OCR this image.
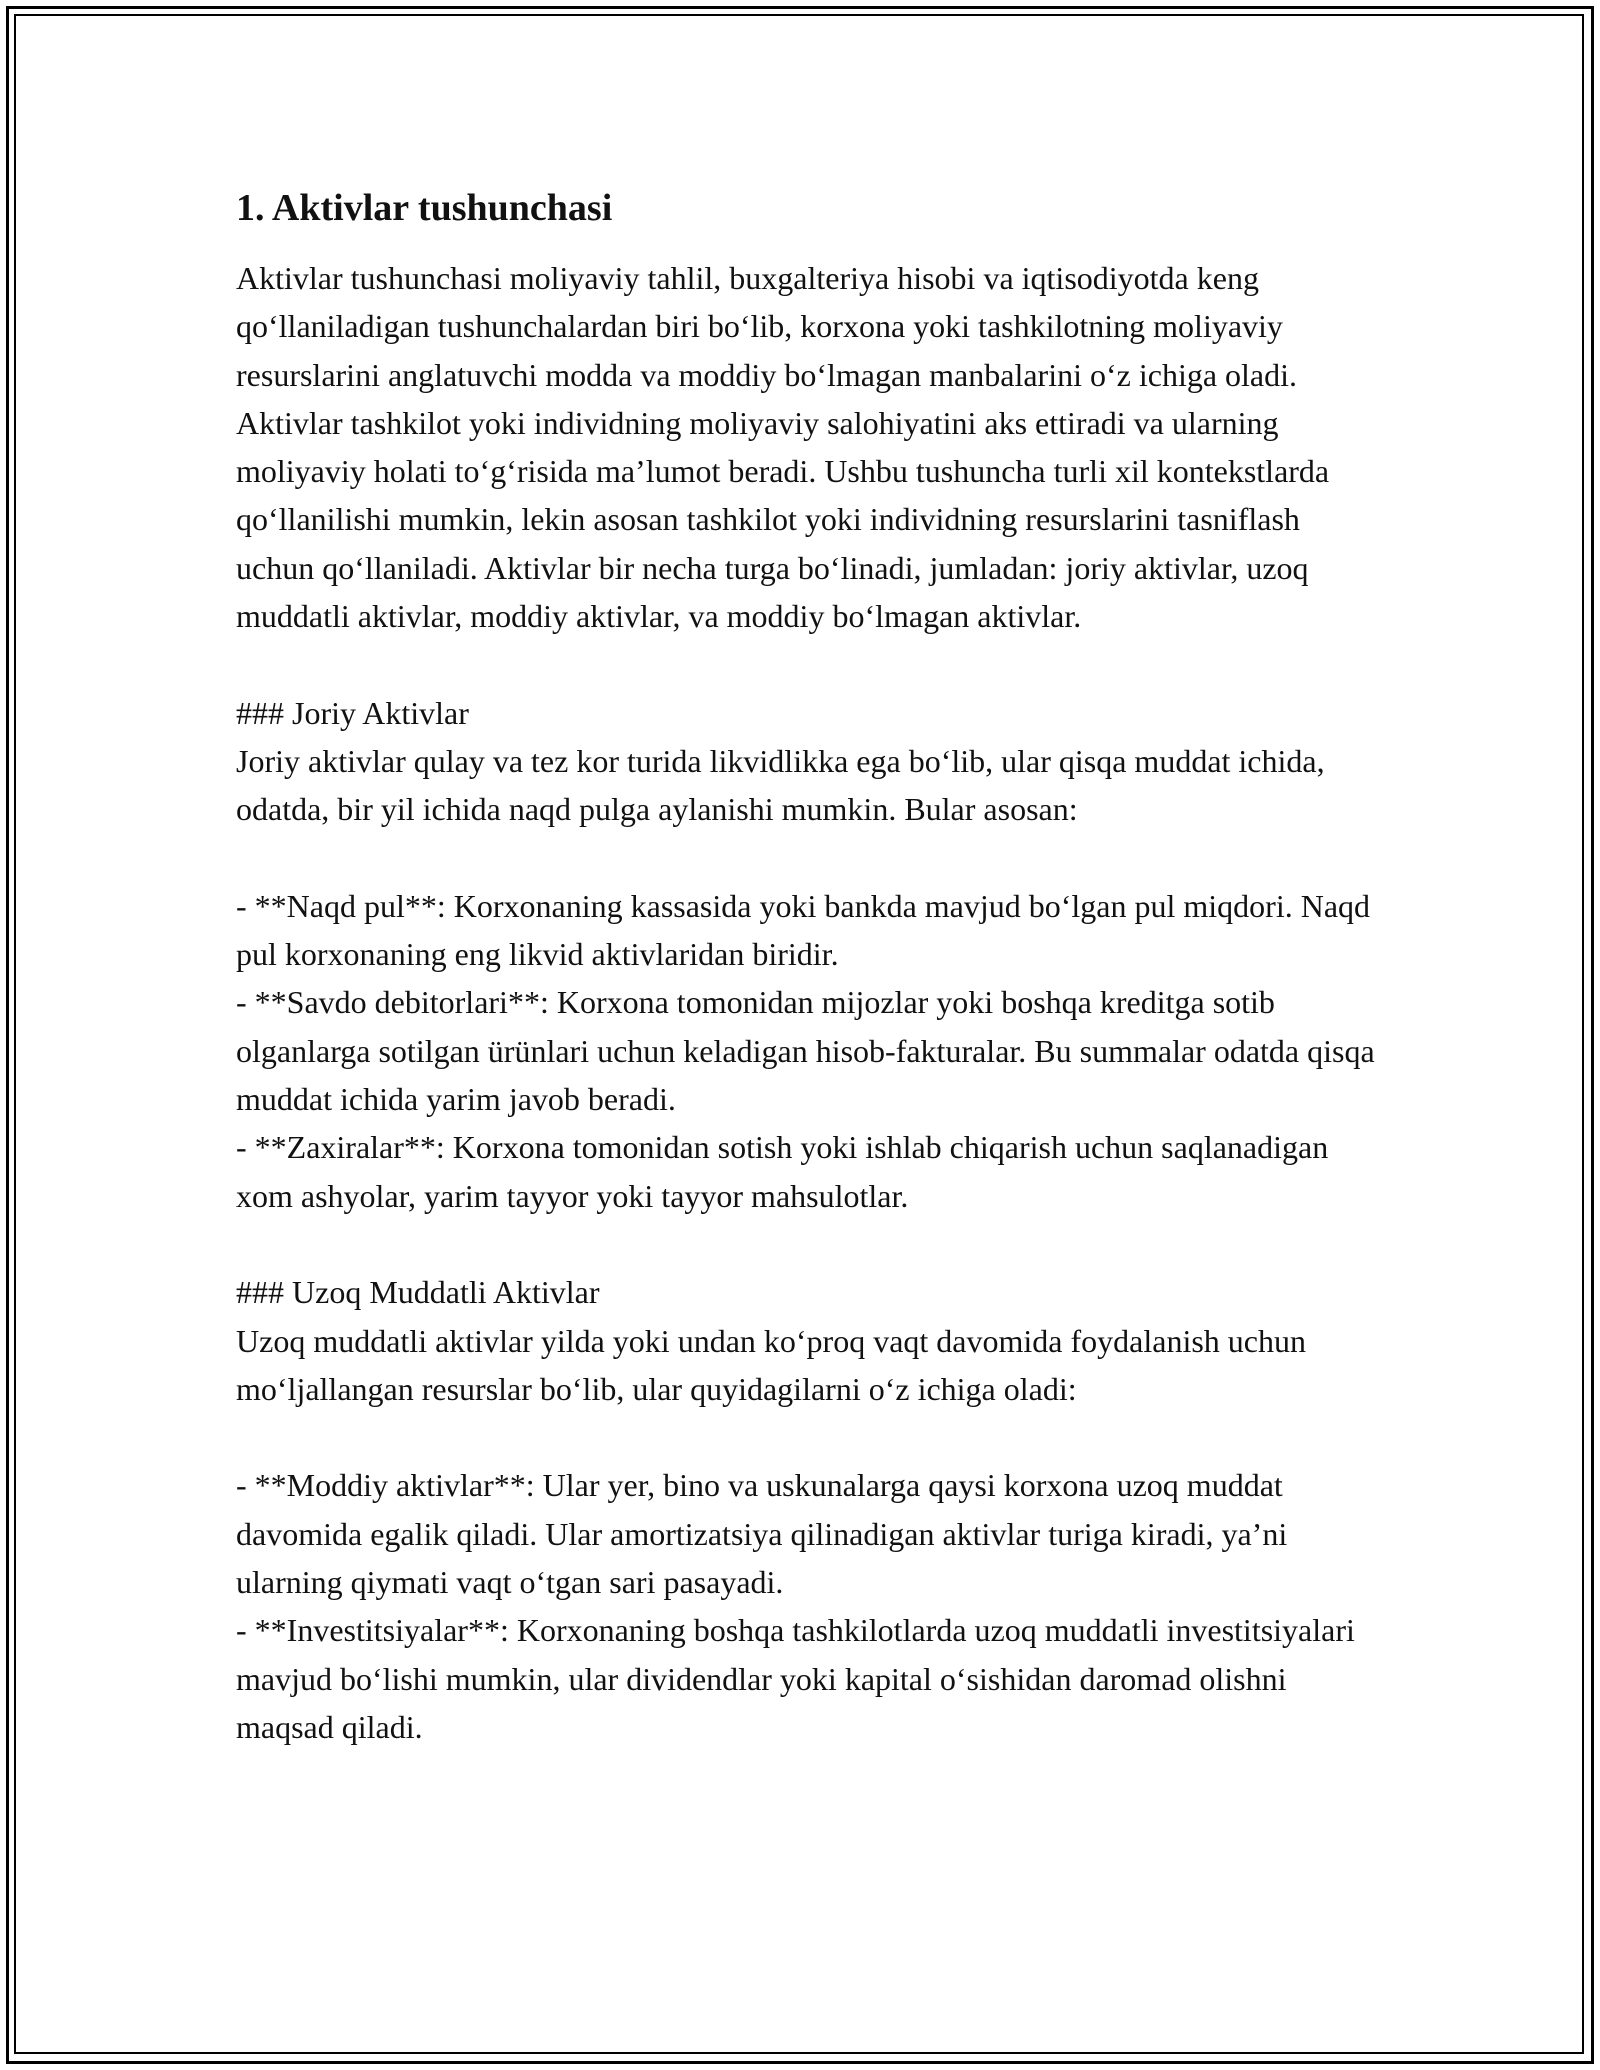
1. Aktivlar tushunchasi

Aktivlar tushunchasi moliyaviy tahlil, buxgalteriya hisobi va iqtisodiyotda keng qo‘llaniladigan tushunchalardan biri bo‘lib, korxona yoki tashkilotning moliyaviy resurslarini anglatuvchi modda va moddiy bo‘lmagan manbalarini o‘z ichiga oladi. Aktivlar tashkilot yoki individning moliyaviy salohiyatini aks ettiradi va ularning moliyaviy holati to‘g‘risida ma’lumot beradi. Ushbu tushuncha turli xil kontekstlarda qo‘llanilishi mumkin, lekin asosan tashkilot yoki individning resurslarini tasniflash uchun qo‘llaniladi. Aktivlar bir necha turga bo‘linadi, jumladan: joriy aktivlar, uzoq muddatli aktivlar, moddiy aktivlar, va moddiy bo‘lmagan aktivlar.

### Joriy Aktivlar

Joriy aktivlar qulay va tez kor turida likvidlikka ega bo‘lib, ular qisqa muddat ichida, odatda, bir yil ichida naqd pulga aylanishi mumkin. Bular asosan:

- **Naqd pul**: Korxonaning kassasida yoki bankda mavjud bo‘lgan pul miqdori. Naqd pul korxonaning eng likvid aktivlaridan biridir.

- **Savdo debitorlari**: Korxona tomonidan mijozlar yoki boshqa kreditga sotib olganlarga sotilgan ürünlari uchun keladigan hisob-fakturalar. Bu summalar odatda qisqa muddat ichida yarim javob beradi.

- **Zaxiralar**: Korxona tomonidan sotish yoki ishlab chiqarish uchun saqlanadigan xom ashyolar, yarim tayyor yoki tayyor mahsulotlar.

### Uzoq Muddatli Aktivlar

Uzoq muddatli aktivlar yilda yoki undan ko‘proq vaqt davomida foydalanish uchun mo‘ljallangan resurslar bo‘lib, ular quyidagilarni o‘z ichiga oladi:

- **Moddiy aktivlar**: Ular yer, bino va uskunalarga qaysi korxona uzoq muddat davomida egalik qiladi. Ular amortizatsiya qilinadigan aktivlar turiga kiradi, ya’ni ularning qiymati vaqt o‘tgan sari pasayadi.

- **Investitsiyalar**: Korxonaning boshqa tashkilotlarda uzoq muddatli investitsiyalari mavjud bo‘lishi mumkin, ular dividendlar yoki kapital o‘sishidan daromad olishni maqsad qiladi.
